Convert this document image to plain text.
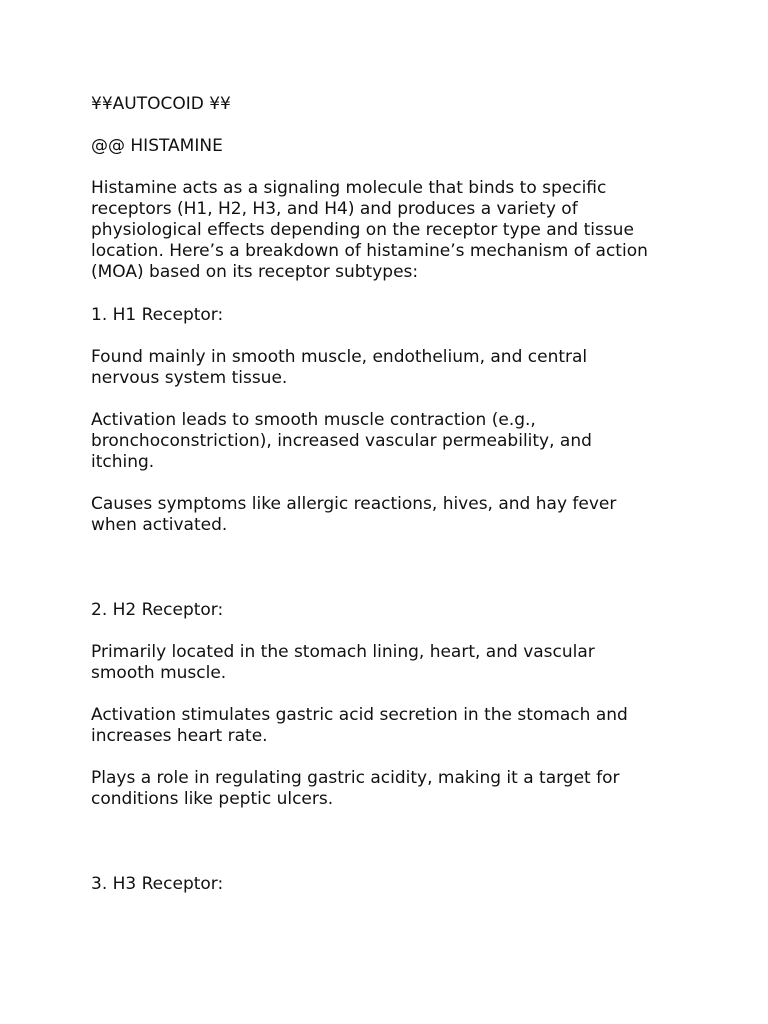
¥¥AUTOCOID ¥¥

@@ HISTAMINE

Histamine acts as a signaling molecule that binds to specific

receptors (H1, H2, H3, and H4) and produces a variety of

physiological effects depending on the receptor type and tissue

location. Here’s a breakdown of histamine’s mechanism of action

(MOA) based on its receptor subtypes:

1. H1 Receptor:

Found mainly in smooth muscle, endothelium, and central

nervous system tissue.

Activation leads to smooth muscle contraction (e.g.,

bronchoconstriction), increased vascular permeability, and

itching.

Causes symptoms like allergic reactions, hives, and hay fever

when activated.

2. H2 Receptor:

Primarily located in the stomach lining, heart, and vascular

smooth muscle.

Activation stimulates gastric acid secretion in the stomach and

increases heart rate.

Plays a role in regulating gastric acidity, making it a target for

conditions like peptic ulcers.

3. H3 Receptor:
